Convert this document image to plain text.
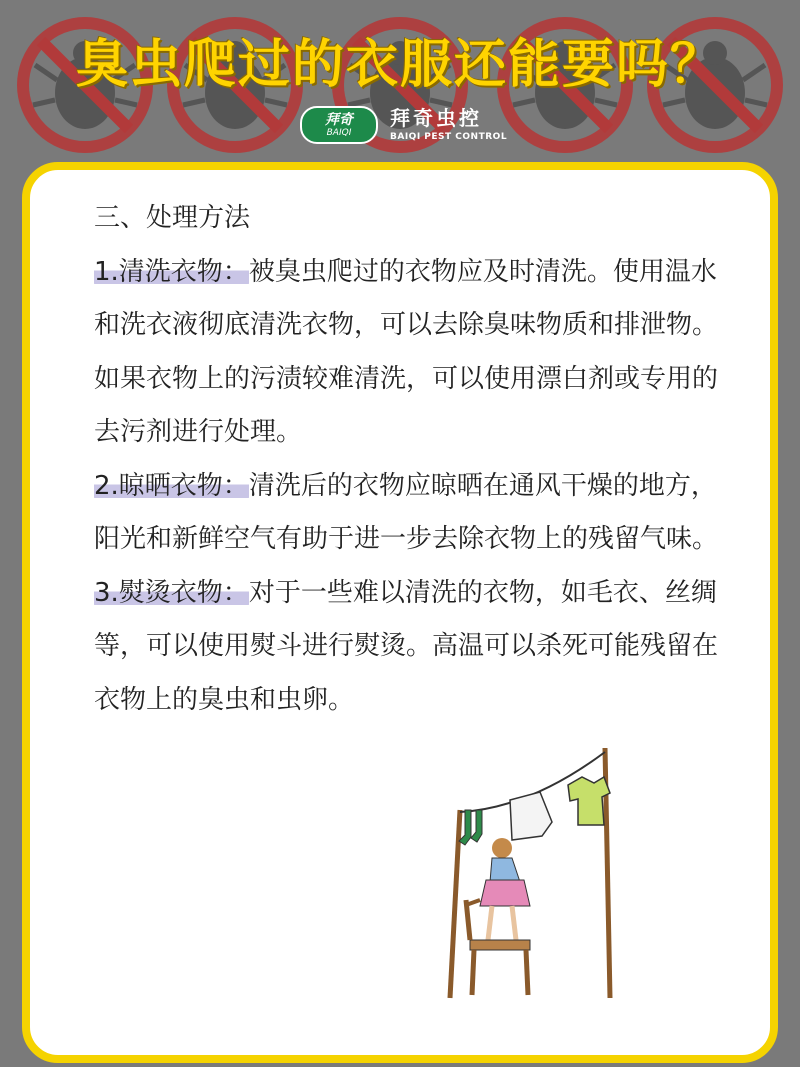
臭虫爬过的衣服还能要吗？
拜奇
BAIQI
拜奇虫控
BAIQI PEST CONTROL

三、处理方法

1.清洗衣物：被臭虫爬过的衣物应及时清洗。使用温水和洗衣液彻底清洗衣物，可以去除臭味物质和排泄物。如果衣物上的污渍较难清洗，可以使用漂白剂或专用的去污剂进行处理。

2.晾晒衣物：清洗后的衣物应晾晒在通风干燥的地方，阳光和新鲜空气有助于进一步去除衣物上的残留气味。

3.熨烫衣物：对于一些难以清洗的衣物，如毛衣、丝绸等，可以使用熨斗进行熨烫。高温可以杀死可能残留在衣物上的臭虫和虫卵。
